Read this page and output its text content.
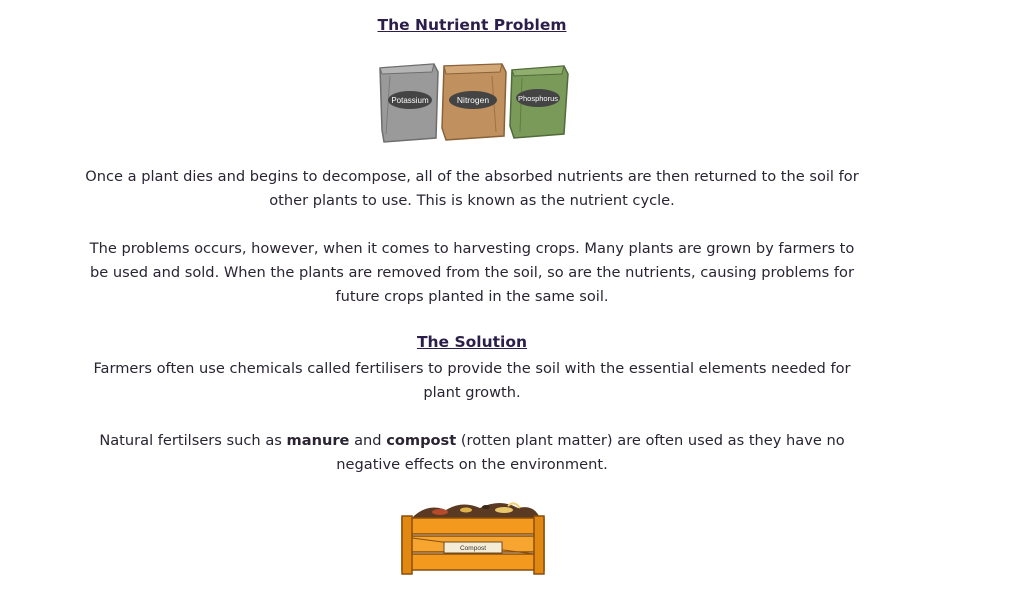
The Nutrient Problem

Potassium	Nitrogen	Phosphorus

Once a plant dies and begins to decompose, all of the absorbed nutrients are then returned to the soil for
other plants to use. This is known as the nutrient cycle.

The problems occurs, however, when it comes to harvesting crops. Many plants are grown by farmers to
be used and sold. When the plants are removed from the soil, so are the nutrients, causing problems for
future crops planted in the same soil.

The Solution

Farmers often use chemicals called fertilisers to provide the soil with the essential elements needed for
plant growth.

Natural fertilsers such as manure and compost (rotten plant matter) are often used as they have no
negative effects on the environment.

Compost
